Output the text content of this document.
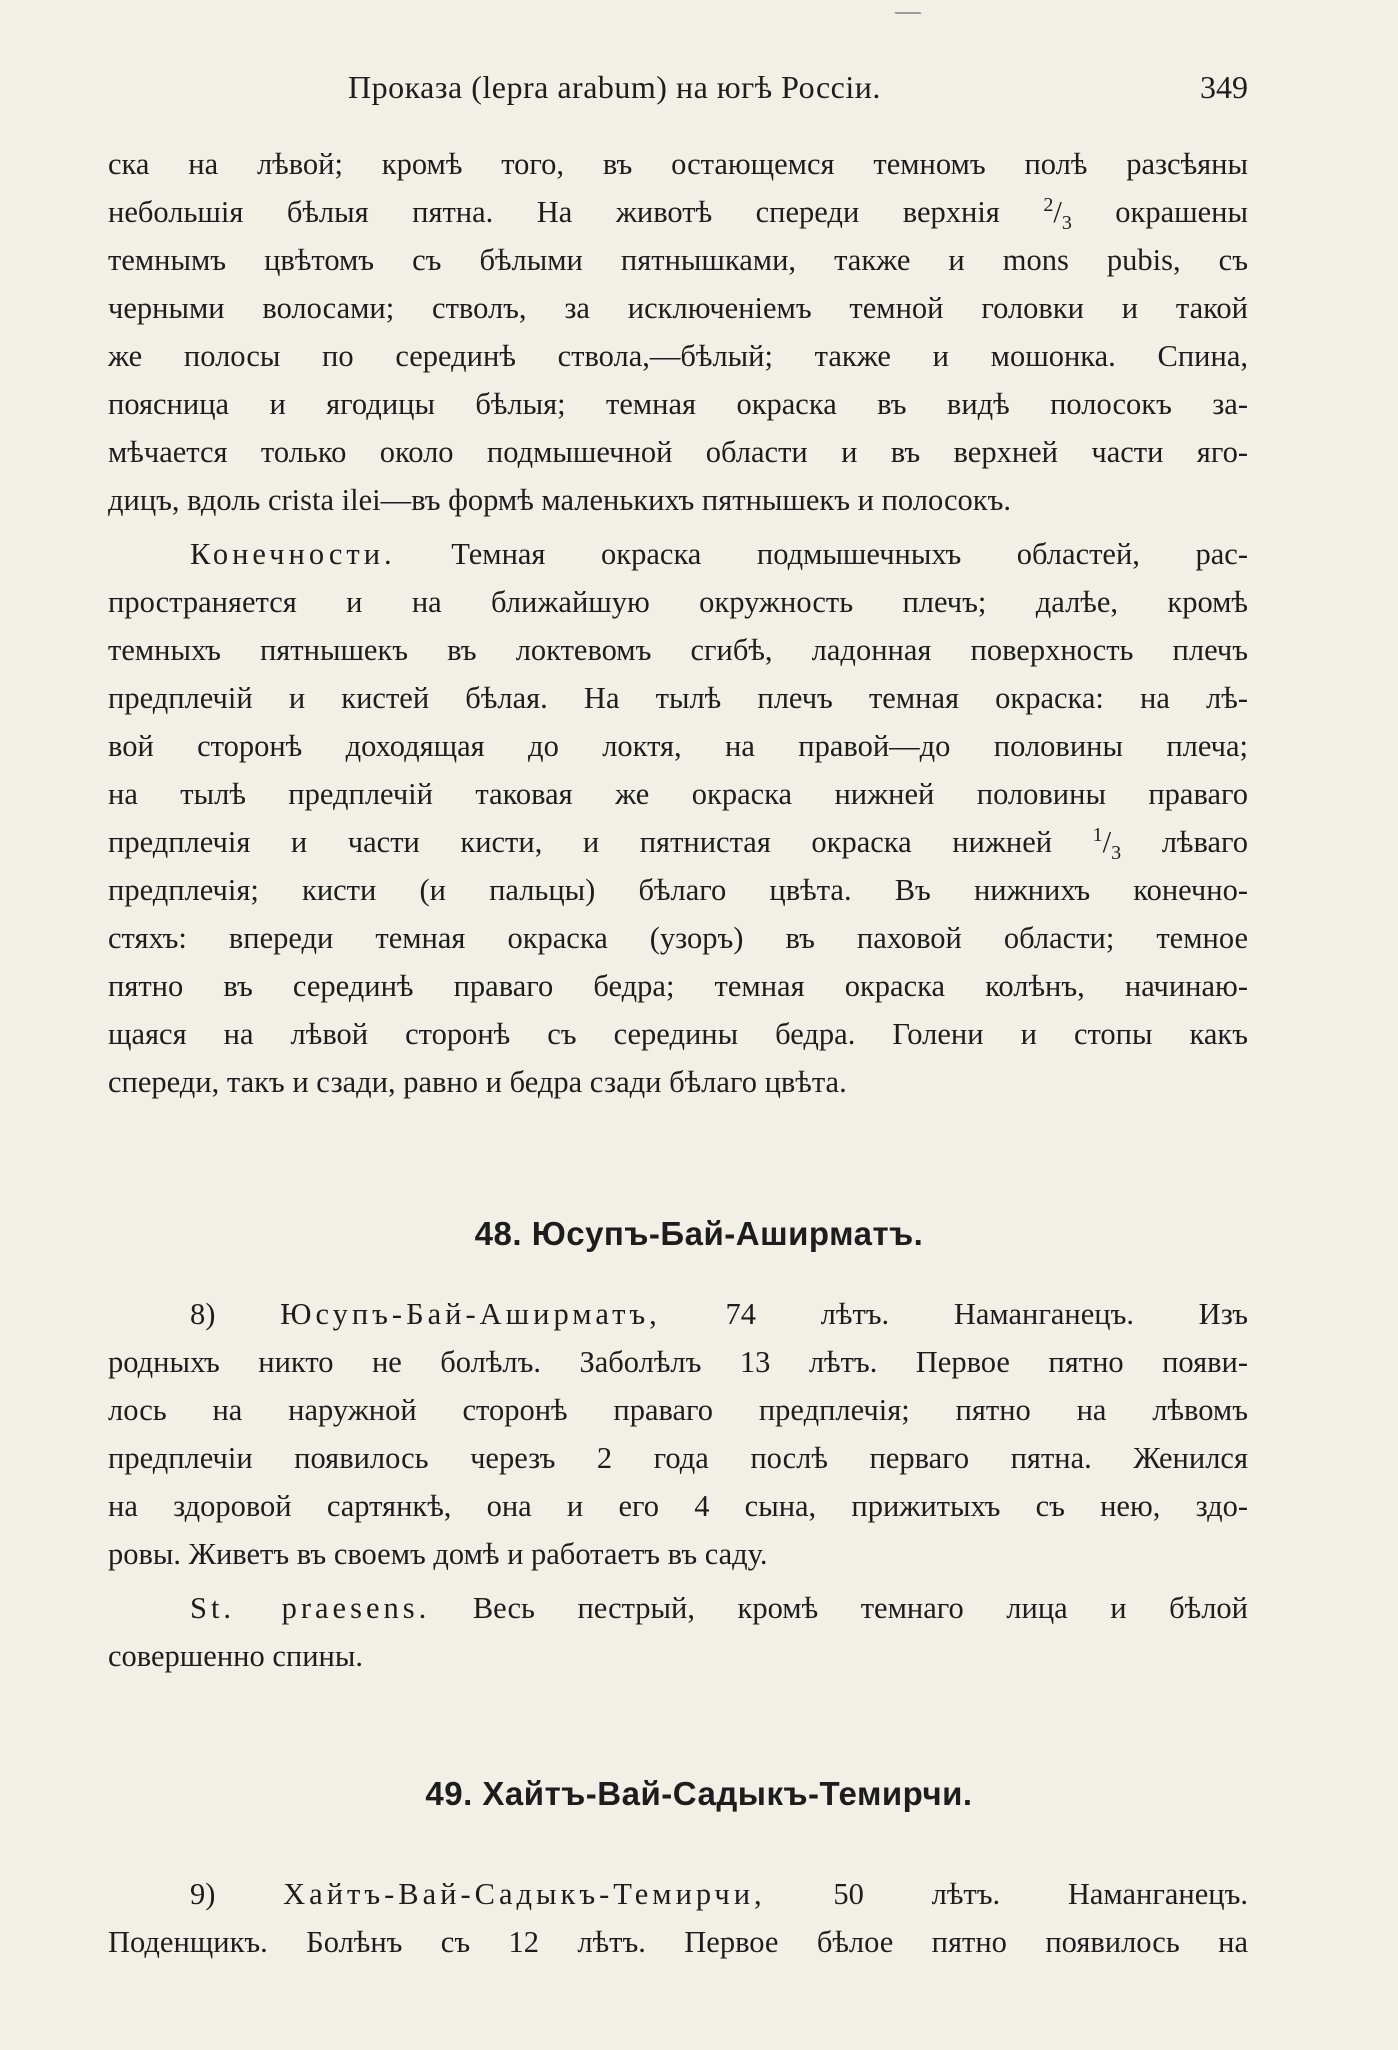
Проказа (lepra arabum) на югѣ Россіи.	349
ска на лѣвой; кромѣ того, въ остающемся темномъ полѣ разсѣяны
небольшія бѣлыя пятна. На животѣ спереди верхнія $^2/_3$ окрашены
темнымъ цвѣтомъ съ бѣлыми пятнышками, также и mons pubis, съ
черными волосами; стволъ, за исключеніемъ темной головки и такой
же полосы по серединѣ ствола,—бѣлый; также и мошонка. Спина,
поясница и ягодицы бѣлыя; темная окраска въ видѣ полосокъ за-
мѣчается только около подмышечной области и въ верхней части яго-
дицъ, вдоль crista ilei—въ формѣ маленькихъ пятнышекъ и полосокъ.
Конечности. Темная окраска подмышечныхъ областей, рас-
пространяется и на ближайшую окружность плечъ; далѣе, кромѣ
темныхъ пятнышекъ въ локтевомъ сгибѣ, ладонная поверхность плечъ
предплечій и кистей бѣлая. На тылѣ плечъ темная окраска: на лѣ-
вой сторонѣ доходящая до локтя, на правой—до половины плеча;
на тылѣ предплечій таковая же окраска нижней половины праваго
предплечія и части кисти, и пятнистая окраска нижней $^1/_3$ лѣваго
предплечія; кисти (и пальцы) бѣлаго цвѣта. Въ нижнихъ конечно-
стяхъ: впереди темная окраска (узоръ) въ паховой области; темное
пятно въ серединѣ праваго бедра; темная окраска колѣнъ, начинаю-
щаяся на лѣвой сторонѣ съ середины бедра. Голени и стопы какъ
спереди, такъ и сзади, равно и бедра сзади бѣлаго цвѣта.
48. Юсупъ-Бай-Аширматъ.
8) Юсупъ-Бай-Аширматъ, 74 лѣтъ. Наманганецъ. Изъ
родныхъ никто не болѣлъ. Заболѣлъ 13 лѣтъ. Первое пятно появи-
лось на наружной сторонѣ праваго предплечія; пятно на лѣвомъ
предплечіи появилось черезъ 2 года послѣ перваго пятна. Женился
на здоровой сартянкѣ, она и его 4 сына, прижитыхъ съ нею, здо-
ровы. Живетъ въ своемъ домѣ и работаетъ въ саду.
St. praesens. Весь пестрый, кромѣ темнаго лица и бѣлой
совершенно спины.
49. Хайтъ-Вай-Садыкъ-Темирчи.
9) Хайтъ-Вай-Садыкъ-Темирчи, 50 лѣтъ. Наманганецъ.
Поденщикъ. Болѣнъ съ 12 лѣтъ. Первое бѣлое пятно появилось на
